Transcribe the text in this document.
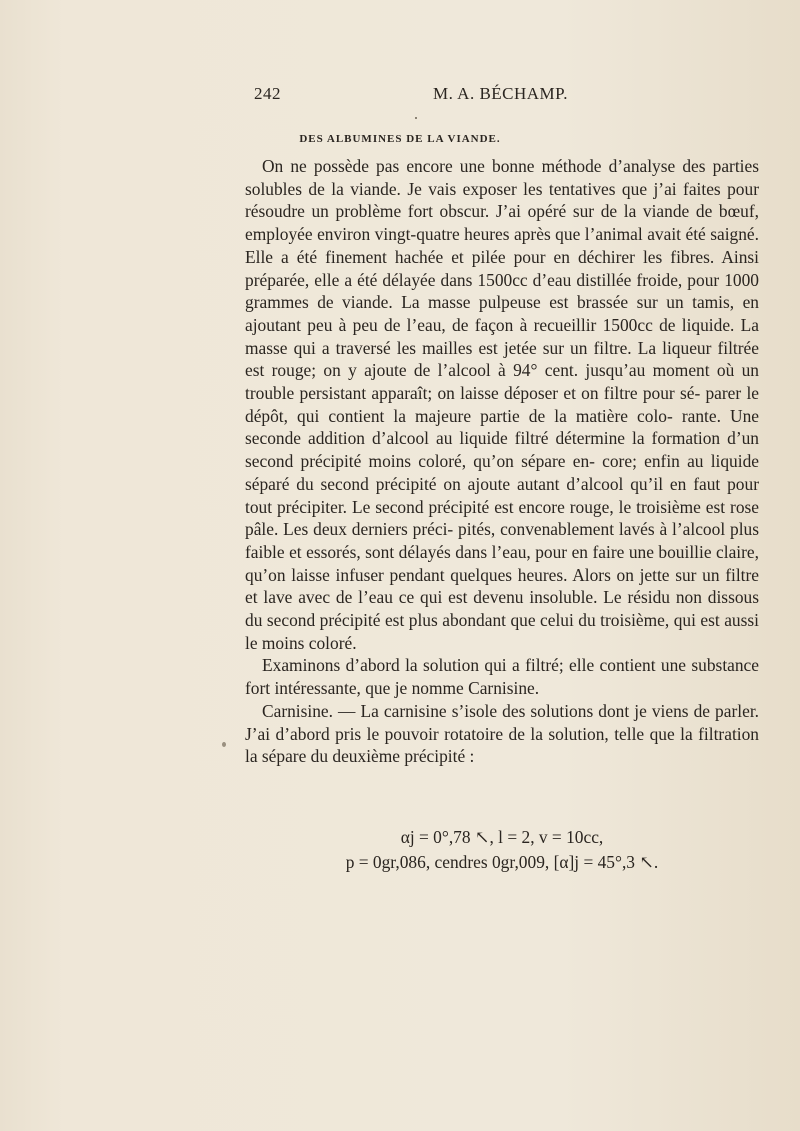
242	M. A. BÉCHAMP.
DES ALBUMINES DE LA VIANDE.

On ne possède pas encore une bonne méthode d’analyse des parties solubles de la viande. Je vais exposer les tentatives que j’ai faites pour résoudre un problème fort obscur. J’ai opéré sur de la viande de bœuf, employée environ vingt-quatre heures après que l’animal avait été saigné. Elle a été finement hachée et pilée pour en déchirer les fibres. Ainsi préparée, elle a été délayée dans 1500cc d’eau distillée froide, pour 1000 grammes de viande. La masse pulpeuse est brassée sur un tamis, en ajoutant peu à peu de l’eau, de façon à recueillir 1500cc de liquide. La masse qui a traversé les mailles est jetée sur un filtre. La liqueur filtrée est rouge; on y ajoute de l’alcool à 94° cent. jusqu’au moment où un trouble persistant apparaît; on laisse déposer et on filtre pour sé- parer le dépôt, qui contient la majeure partie de la matière colo- rante. Une seconde addition d’alcool au liquide filtré détermine la formation d’un second précipité moins coloré, qu’on sépare en- core; enfin au liquide séparé du second précipité on ajoute autant d’alcool qu’il en faut pour tout précipiter. Le second précipité est encore rouge, le troisième est rose pâle. Les deux derniers préci- pités, convenablement lavés à l’alcool plus faible et essorés, sont délayés dans l’eau, pour en faire une bouillie claire, qu’on laisse infuser pendant quelques heures. Alors on jette sur un filtre et lave avec de l’eau ce qui est devenu insoluble. Le résidu non dissous du second précipité est plus abondant que celui du troisième, qui est aussi le moins coloré.

Examinons d’abord la solution qui a filtré; elle contient une substance fort intéressante, que je nomme Carnisine.

Carnisine. — La carnisine s’isole des solutions dont je viens de parler. J’ai d’abord pris le pouvoir rotatoire de la solution, telle que la filtration la sépare du deuxième précipité :

αj = 0°,78 ↖, l = 2, v = 10cc,
p = 0gr,086, cendres 0gr,009, [α]j = 45°,3 ↖.
